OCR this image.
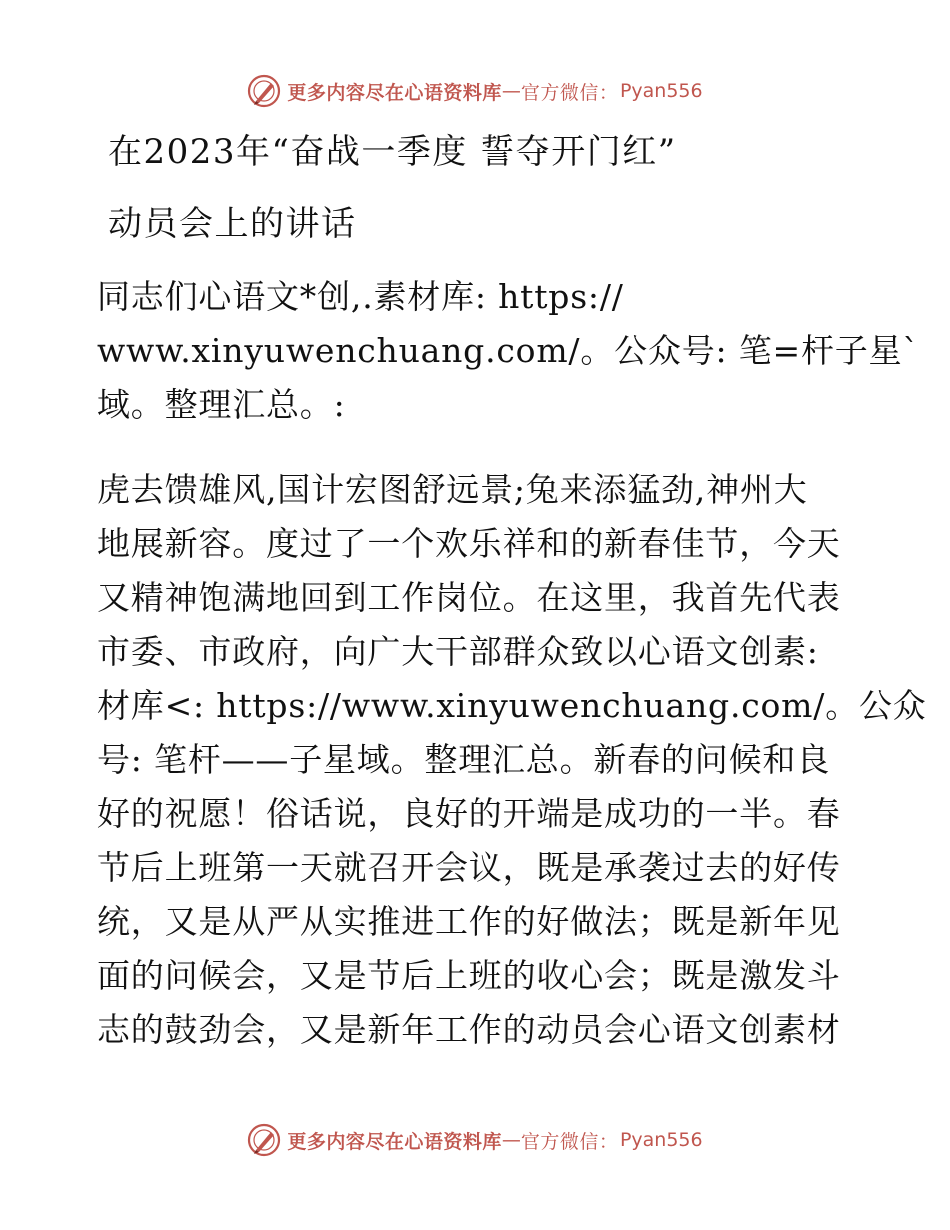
更多内容尽在心语资料库 — 官方微信 ： Pyan556
在2023年“奋战一季度 誓夺开门红”
动员会上的讲话
同志们心语文*创,.素材库: https://
www.xinyuwenchuang.com/。公众号: 笔=杆子星`
域。整理汇总。:
虎去馈雄风,国计宏图舒远景;兔来添猛劲,神州大
地展新容。度过了一个欢乐祥和的新春佳节，今天
又精神饱满地回到工作岗位。在这里，我首先代表
市委、市政府，向广大干部群众致以心语文创素:
材库<: https://www.xinyuwenchuang.com/。公众
号: 笔杆——子星域。整理汇总。新春的问候和良
好的祝愿！俗话说，良好的开端是成功的一半。春
节后上班第一天就召开会议，既是承袭过去的好传
统，又是从严从实推进工作的好做法；既是新年见
面的问候会，又是节后上班的收心会；既是激发斗
志的鼓劲会，又是新年工作的动员会心语文创素材
更多内容尽在心语资料库 — 官方微信 ： Pyan556
